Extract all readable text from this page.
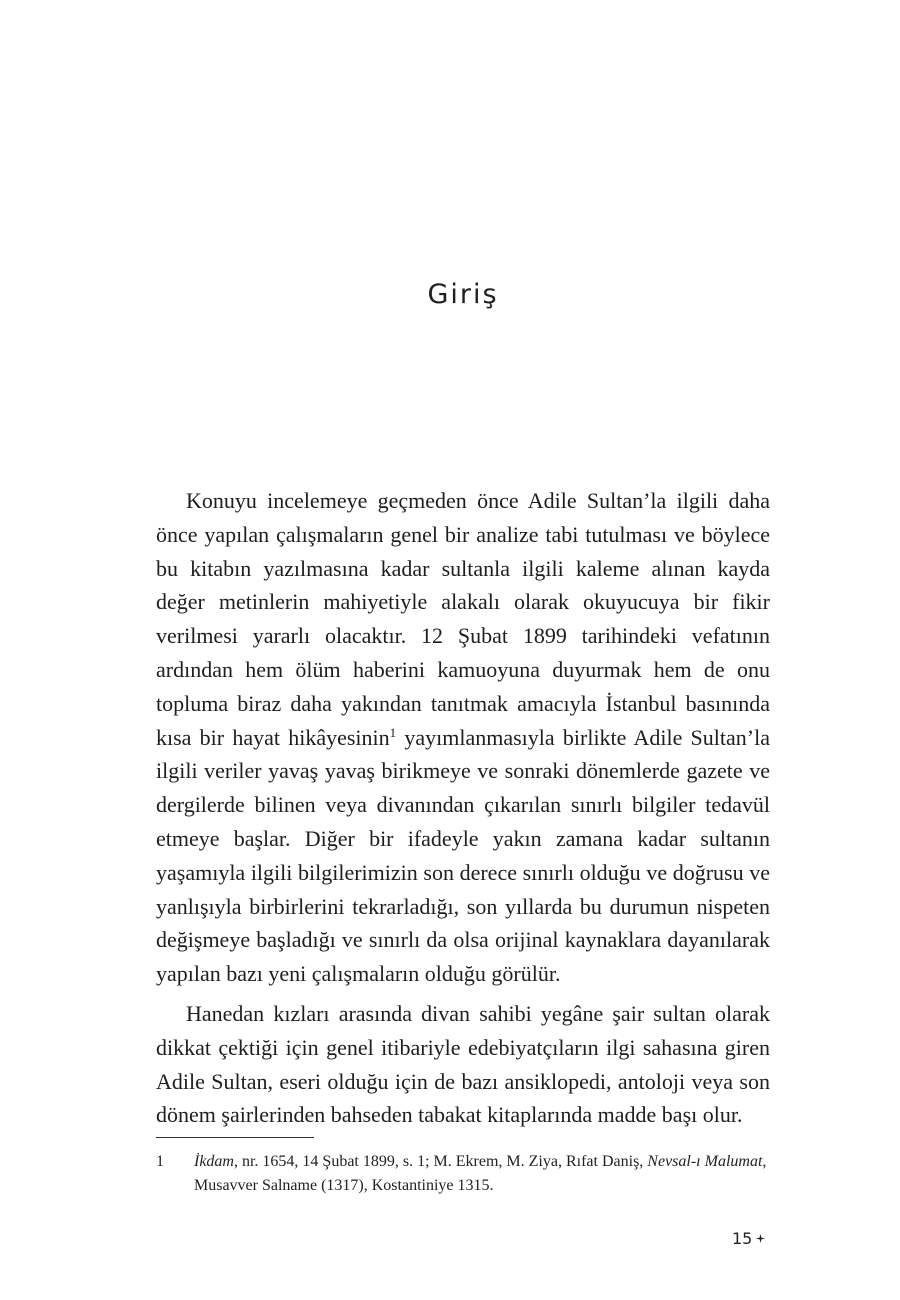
Giriş

Konuyu incelemeye geçmeden önce Adile Sultan’la ilgili daha önce yapılan çalışmaların genel bir analize tabi tutulması ve böylece bu kitabın yazılmasına kadar sultanla ilgili kaleme alınan kayda değer metinlerin mahiyetiyle alakalı olarak okuyucuya bir fikir verilmesi yararlı olacaktır. 12 Şubat 1899 tarihindeki vefatının ardından hem ölüm haberini kamuoyuna duyurmak hem de onu topluma biraz daha yakından tanıtmak amacıyla İstanbul basınında kısa bir hayat hikâyesinin$^1$ yayımlanmasıyla birlikte Adile Sultan’la ilgili veriler yavaş yavaş birikmeye ve sonraki dönemlerde gazete ve dergilerde bilinen veya divanından çıkarılan sınırlı bilgiler tedavül etmeye başlar. Diğer bir ifadeyle yakın zamana kadar sultanın yaşamıyla ilgili bilgilerimizin son derece sınırlı olduğu ve doğrusu ve yanlışıyla birbirlerini tekrarladığı, son yıllarda bu durumun nispeten değişmeye başladığı ve sınırlı da olsa orijinal kaynaklara dayanılarak yapılan bazı yeni çalışmaların olduğu görülür.

Hanedan kızları arasında divan sahibi yegâne şair sultan olarak dikkat çektiği için genel itibariyle edebiyatçıların ilgi sahasına giren Adile Sultan, eseri olduğu için de bazı ansiklopedi, antoloji veya son dönem şairlerinden bahseden tabakat kitaplarında madde başı olur.

1	İkdam, nr. 1654, 14 Şubat 1899, s. 1; M. Ekrem, M. Ziya, Rıfat Daniş, Nevsal-ı Malumat, Musavver Salname (1317), Kostantiniye 1315.
15
